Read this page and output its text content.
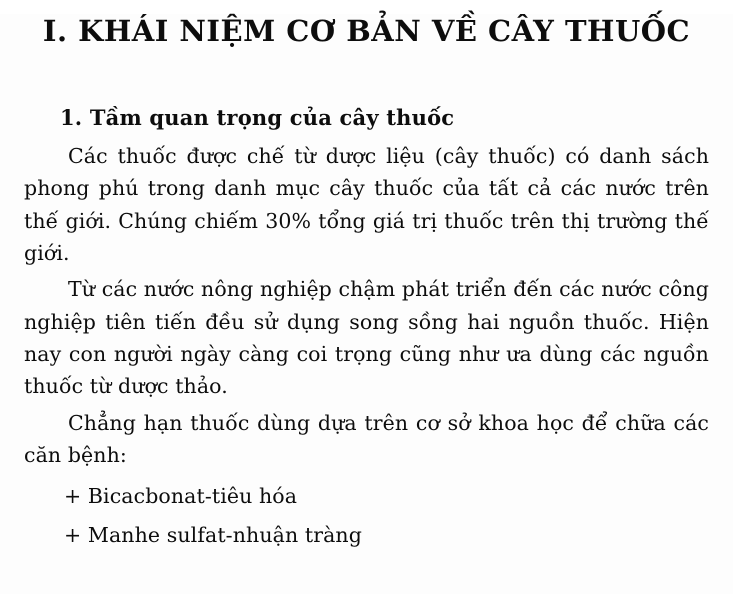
I. KHÁI NIỆM CƠ BẢN VỀ CÂY THUỐC
1. Tầm quan trọng của cây thuốc

Các thuốc được chế từ dược liệu (cây thuốc) có danh sách phong phú trong danh mục cây thuốc của tất cả các nước trên thế giới. Chúng chiếm 30% tổng giá trị thuốc trên thị trường thế giới.

Từ các nước nông nghiệp chậm phát triển đến các nước công nghiệp tiên tiến đều sử dụng song sồng hai nguồn thuốc. Hiện nay con người ngày càng coi trọng cũng như ưa dùng các nguồn thuốc từ dược thảo.

Chẳng hạn thuốc dùng dựa trên cơ sở khoa học để chữa các căn bệnh:

+ Bicacbonat-tiêu hóa

+ Manhe sulfat-nhuận tràng
